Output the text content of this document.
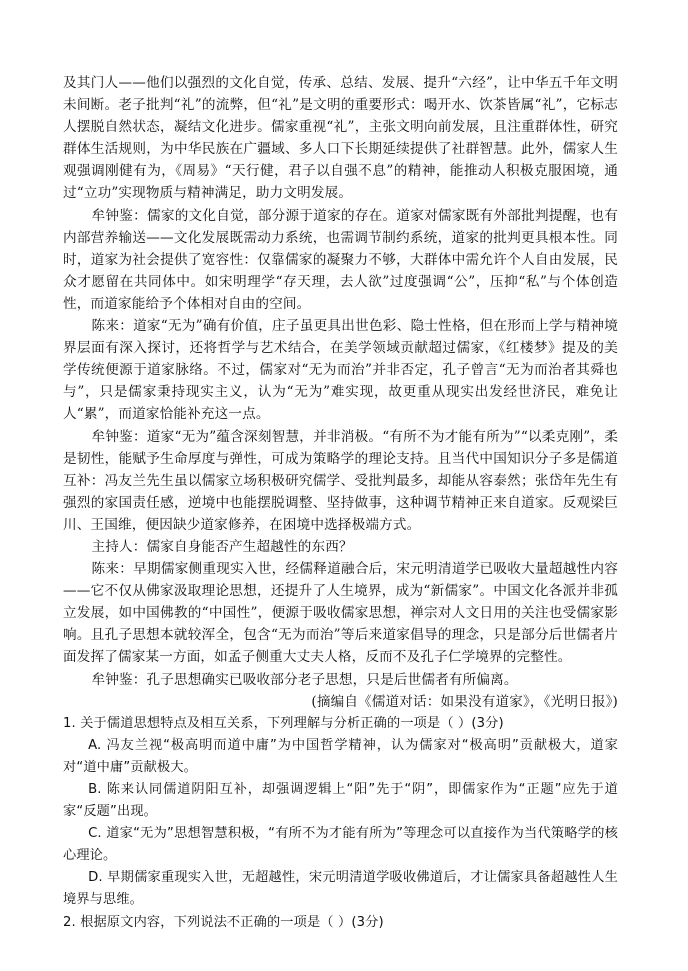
及其门人——他们以强烈的文化自觉，传承、总结、发展、提升“六经”，让中华五千年文明未间断。老子批判“礼”的流弊，但“礼”是文明的重要形式：喝开水、饮茶皆属“礼”，它标志人摆脱自然状态，凝结文化进步。儒家重视“礼”，主张文明向前发展，且注重群体性，研究群体生活规则，为中华民族在广疆域、多人口下长期延续提供了社群智慧。此外，儒家人生观强调刚健有为，《周易》“天行健，君子以自强不息”的精神，能推动人积极克服困境，通过“立功”实现物质与精神满足，助力文明发展。

牟钟鉴：儒家的文化自觉，部分源于道家的存在。道家对儒家既有外部批判提醒，也有内部营养输送——文化发展既需动力系统，也需调节制约系统，道家的批判更具根本性。同时，道家为社会提供了宽容性：仅靠儒家的凝聚力不够，大群体中需允许个人自由发展，民众才愿留在共同体中。如宋明理学“存天理，去人欲”过度强调“公”，压抑“私”与个体创造性，而道家能给予个体相对自由的空间。

陈来：道家“无为”确有价值，庄子虽更具出世色彩、隐士性格，但在形而上学与精神境界层面有深入探讨，还将哲学与艺术结合，在美学领域贡献超过儒家，《红楼梦》提及的美学传统便源于道家脉络。不过，儒家对“无为而治”并非否定，孔子曾言“无为而治者其舜也与”，只是儒家秉持现实主义，认为“无为”难实现，故更重从现实出发经世济民，难免让人“累”，而道家恰能补充这一点。

牟钟鉴：道家“无为”蕴含深刻智慧，并非消极。“有所不为才能有所为”“以柔克刚”，柔是韧性，能赋予生命厚度与弹性，可成为策略学的理论支持。且当代中国知识分子多是儒道互补：冯友兰先生虽以儒家立场积极研究儒学、受批判最多，却能从容泰然；张岱年先生有强烈的家国责任感，逆境中也能摆脱调整、坚持做事，这种调节精神正来自道家。反观梁巨川、王国维，便因缺少道家修养，在困境中选择极端方式。

主持人：儒家自身能否产生超越性的东西？

陈来：早期儒家侧重现实入世，经儒释道融合后，宋元明清道学已吸收大量超越性内容——它不仅从佛家汲取理论思想，还提升了人生境界，成为“新儒家”。中国文化各派并非孤立发展，如中国佛教的“中国性”，便源于吸收儒家思想，禅宗对人文日用的关注也受儒家影响。且孔子思想本就较浑全，包含“无为而治”等后来道家倡导的理念，只是部分后世儒者片面发挥了儒家某一方面，如孟子侧重大丈夫人格，反而不及孔子仁学境界的完整性。

牟钟鉴：孔子思想确实已吸收部分老子思想，只是后世儒者有所偏离。

(摘编自《儒道对话：如果没有道家》，《光明日报》)

1. 关于儒道思想特点及相互关系，下列理解与分析正确的一项是（ ）(3分)

A. 冯友兰视“极高明而道中庸”为中国哲学精神，认为儒家对“极高明”贡献极大，道家对“道中庸”贡献极大。

B. 陈来认同儒道阴阳互补，却强调逻辑上“阳”先于“阴”，即儒家作为“正题”应先于道家“反题”出现。

C. 道家“无为”思想智慧积极，“有所不为才能有所为”等理念可以直接作为当代策略学的核心理论。

D. 早期儒家重现实入世，无超越性，宋元明清道学吸收佛道后，才让儒家具备超越性人生境界与思维。

2. 根据原文内容，下列说法不正确的一项是（ ）(3分)
